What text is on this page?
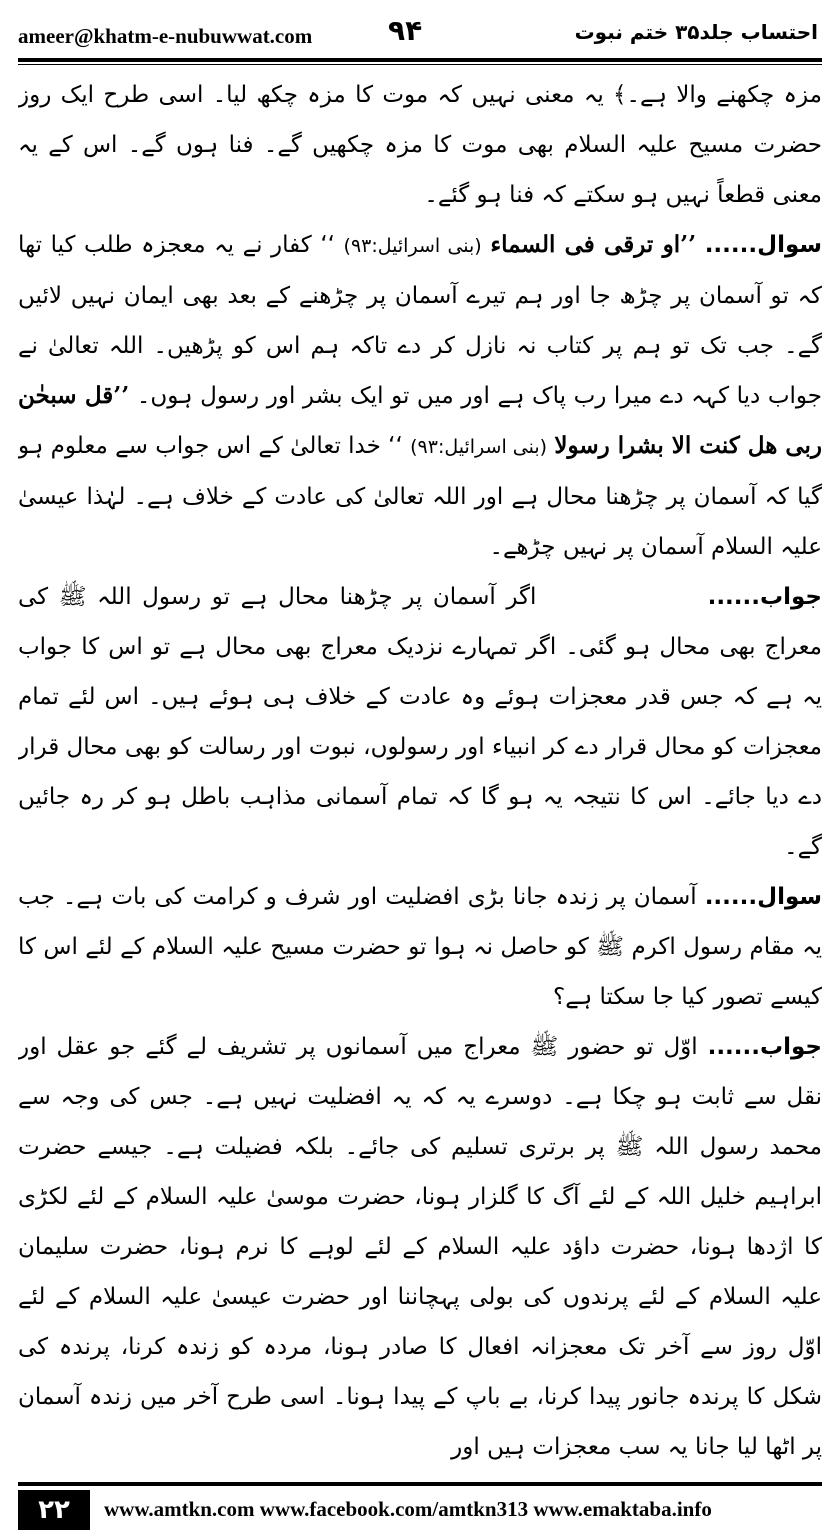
ameer@khatm-e-nubuwwat.com	۹۴	احتساب جلد۳۵ ختم نبوت

مزہ چکھنے والا ہے۔﴾ یہ معنی نہیں کہ موت کا مزہ چکھ لیا۔ اسی طرح ایک روز حضرت مسیح علیہ السلام بھی موت کا مزہ چکھیں گے۔ فنا ہوں گے۔ اس کے یہ معنی قطعاً نہیں ہو سکتے کہ فنا ہو گئے۔

سوال...... ’’او ترقی فی السماء (بنی اسرائیل:۹۳) ‘‘ کفار نے یہ معجزہ طلب کیا تھا کہ تو آسمان پر چڑھ جا اور ہم تیرے آسمان پر چڑھنے کے بعد بھی ایمان نہیں لائیں گے۔ جب تک تو ہم پر کتاب نہ نازل کر دے تاکہ ہم اس کو پڑھیں۔ اللہ تعالیٰ نے جواب دیا کہہ دے میرا رب پاک ہے اور میں تو ایک بشر اور رسول ہوں۔ ’’قل سبحٰن ربی هل كنت الا بشرا رسولا (بنی اسرائیل:۹۳) ‘‘ خدا تعالیٰ کے اس جواب سے معلوم ہو گیا کہ آسمان پر چڑھنا محال ہے اور اللہ تعالیٰ کی عادت کے خلاف ہے۔ لہٰذا عیسیٰ علیہ السلام آسمان پر نہیں چڑھے۔

جواب......  اگر آسمان پر چڑھنا محال ہے تو رسول اللہ ﷺ کی معراج بھی محال ہو گئی۔ اگر تمہارے نزدیک معراج بھی محال ہے تو اس کا جواب یہ ہے کہ جس قدر معجزات ہوئے وہ عادت کے خلاف ہی ہوئے ہیں۔ اس لئے تمام معجزات کو محال قرار دے کر انبیاء اور رسولوں، نبوت اور رسالت کو بھی محال قرار دے دیا جائے۔ اس کا نتیجہ یہ ہو گا کہ تمام آسمانی مذاہب باطل ہو کر رہ جائیں گے۔

سوال...... آسمان پر زندہ جانا بڑی افضلیت اور شرف و کرامت کی بات ہے۔ جب یہ مقام رسول اکرم ﷺ کو حاصل نہ ہوا تو حضرت مسیح علیہ السلام کے لئے اس کا کیسے تصور کیا جا سکتا ہے؟

جواب...... اوّل تو حضور ﷺ معراج میں آسمانوں پر تشریف لے گئے جو عقل اور نقل سے ثابت ہو چکا ہے۔ دوسرے یہ کہ یہ افضلیت نہیں ہے۔ جس کی وجہ سے محمد رسول اللہ ﷺ پر برتری تسلیم کی جائے۔ بلکہ فضیلت ہے۔ جیسے حضرت ابراہیم خلیل اللہ کے لئے آگ کا گلزار ہونا، حضرت موسیٰ علیہ السلام کے لئے لکڑی کا اژدھا ہونا، حضرت داؤد علیہ السلام کے لئے لوہے کا نرم ہونا، حضرت سلیمان علیہ السلام کے لئے پرندوں کی بولی پہچاننا اور حضرت عیسیٰ علیہ السلام کے لئے اوّل روز سے آخر تک معجزانہ افعال کا صادر ہونا، مردہ کو زندہ کرنا، پرندہ کی شکل کا پرندہ جانور پیدا کرنا، بے باپ کے پیدا ہونا۔ اسی طرح آخر میں زندہ آسمان پر اٹھا لیا جانا یہ سب معجزات ہیں اور

۲۲	www.amtkn.com www.facebook.com/amtkn313 www.emaktaba.info
